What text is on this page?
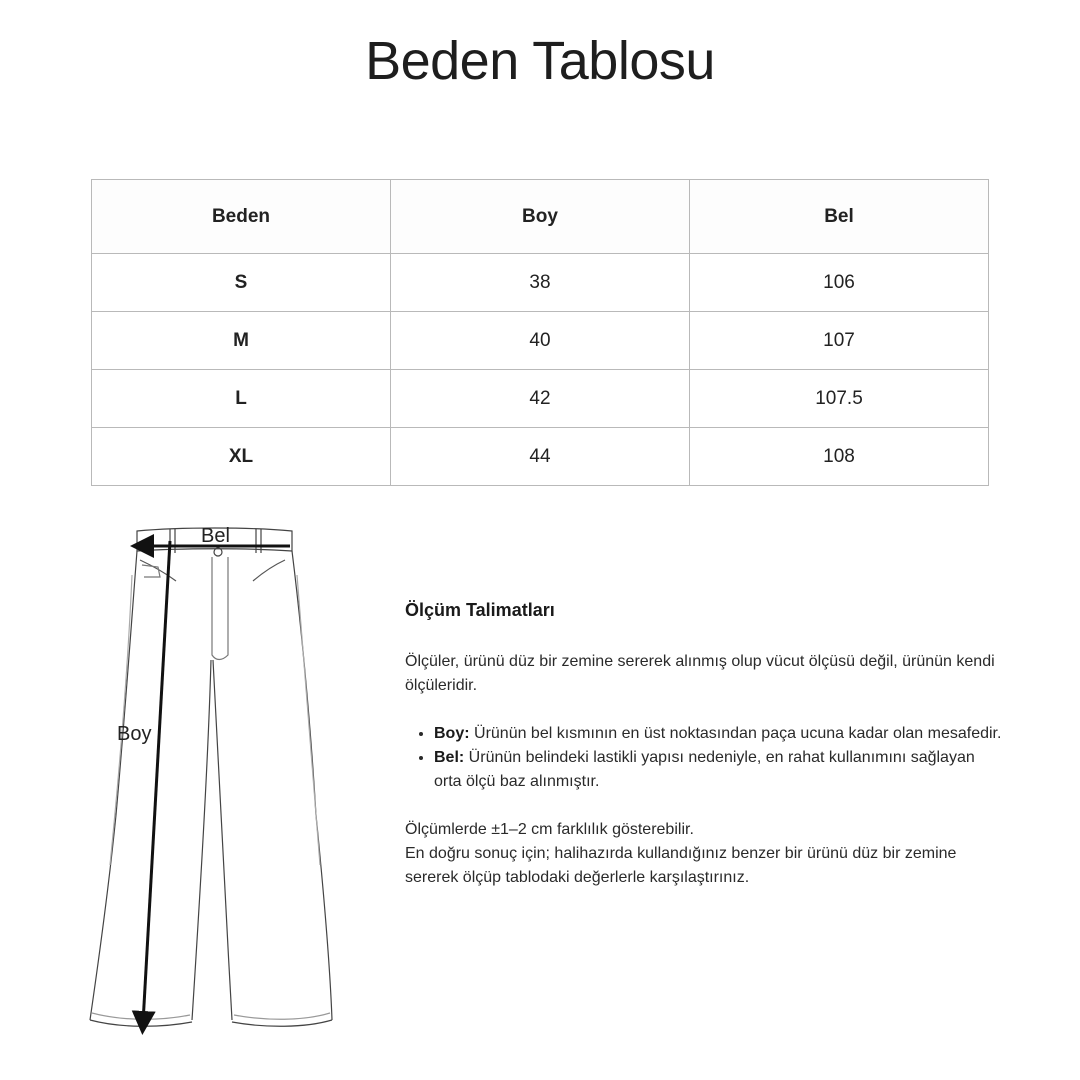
Beden Tablosu
Beden	Boy	Bel
S	38	106
M	40	107
L	42	107.5
XL	44	108
Bel
Boy
Ölçüm Talimatları

Ölçüler, ürünü düz bir zemine sererek alınmış olup vücut ölçüsü değil, ürünün kendi ölçüleridir.

• Boy: Ürünün bel kısmının en üst noktasından paça ucuna kadar olan mesafedir.
• Bel: Ürünün belindeki lastikli yapısı nedeniyle, en rahat kullanımını sağlayan orta ölçü baz alınmıştır.

Ölçümlerde ±1–2 cm farklılık gösterebilir.

En doğru sonuç için; halihazırda kullandığınız benzer bir ürünü düz bir zemine sererek ölçüp tablodaki değerlerle karşılaştırınız.
